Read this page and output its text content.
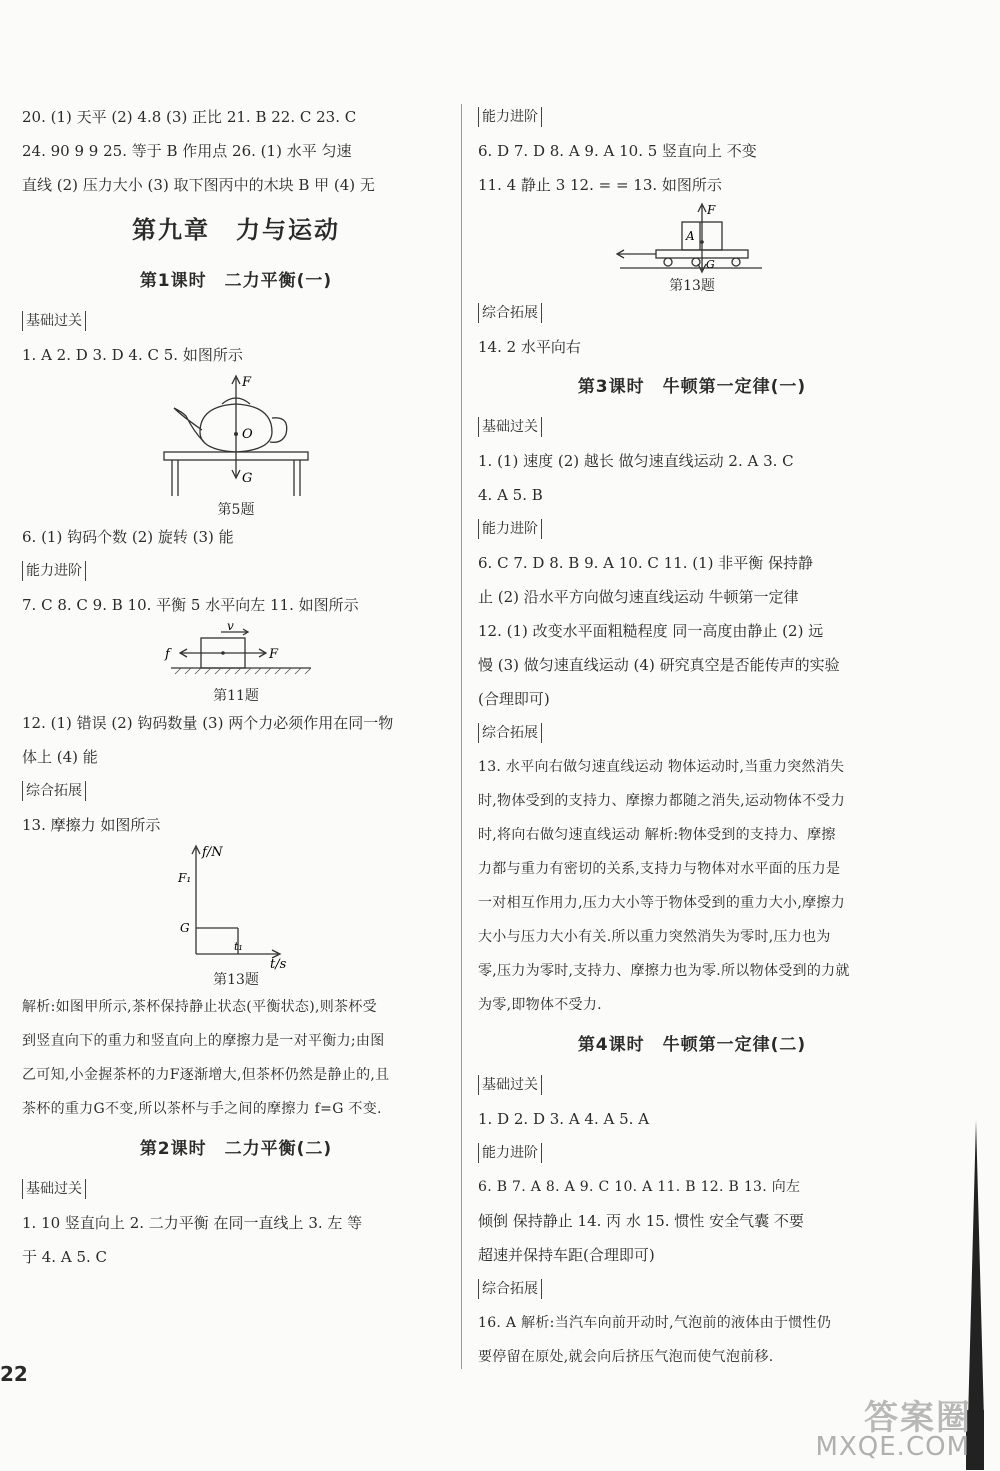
20. (1) 天平 (2) 4.8 (3) 正比 21. B 22. C 23. C
24. 90 9 9 25. 等于 B 作用点 26. (1) 水平 匀速
直线 (2) 压力大小 (3) 取下图丙中的木块 B 甲 (4) 无
第九章　力与运动
第1课时　二力平衡(一)
基础过关
1. A 2. D 3. D 4. C 5. 如图所示
F
O
G
第5题
6. (1) 钩码个数 (2) 旋转 (3) 能
能力进阶
7. C 8. C 9. B 10. 平衡 5 水平向左 11. 如图所示
v
f	F
第11题
12. (1) 错误 (2) 钩码数量 (3) 两个力必须作用在同一物
体上 (4) 能
综合拓展
13. 摩擦力 如图所示
f/N
F₁
G
t₁
t/s
第13题
解析:如图甲所示,茶杯保持静止状态(平衡状态),则茶杯受
到竖直向下的重力和竖直向上的摩擦力是一对平衡力;由图
乙可知,小金握茶杯的力F逐渐增大,但茶杯仍然是静止的,且
茶杯的重力G不变,所以茶杯与手之间的摩擦力 f=G 不变.
第2课时　二力平衡(二)
基础过关
1. 10 竖直向上 2. 二力平衡 在同一直线上 3. 左 等
于 4. A 5. C
能力进阶
6. D 7. D 8. A 9. A 10. 5 竖直向上 不变
11. 4 静止 3 12. = = 13. 如图所示
F
A
G
第13题
综合拓展
14. 2 水平向右
第3课时　牛顿第一定律(一)
基础过关
1. (1) 速度 (2) 越长 做匀速直线运动 2. A 3. C
4. A 5. B
能力进阶
6. C 7. D 8. B 9. A 10. C 11. (1) 非平衡 保持静
止 (2) 沿水平方向做匀速直线运动 牛顿第一定律
12. (1) 改变水平面粗糙程度 同一高度由静止 (2) 远
慢 (3) 做匀速直线运动 (4) 研究真空是否能传声的实验
(合理即可)
综合拓展
13. 水平向右做匀速直线运动 物体运动时,当重力突然消失
时,物体受到的支持力、摩擦力都随之消失,运动物体不受力
时,将向右做匀速直线运动 解析:物体受到的支持力、摩擦
力都与重力有密切的关系,支持力与物体对水平面的压力是
一对相互作用力,压力大小等于物体受到的重力大小,摩擦力
大小与压力大小有关.所以重力突然消失为零时,压力也为
零,压力为零时,支持力、摩擦力也为零.所以物体受到的力就
为零,即物体不受力.
第4课时　牛顿第一定律(二)
基础过关
1. D 2. D 3. A 4. A 5. A
能力进阶
6. B 7. A 8. A 9. C 10. A 11. B 12. B 13. 向左
倾倒 保持静止 14. 丙 水 15. 惯性 安全气囊 不要
超速并保持车距(合理即可)
综合拓展
16. A 解析:当汽车向前开动时,气泡前的液体由于惯性仍
要停留在原处,就会向后挤压气泡而使气泡前移.
22
答案圈
MXQE.COM
